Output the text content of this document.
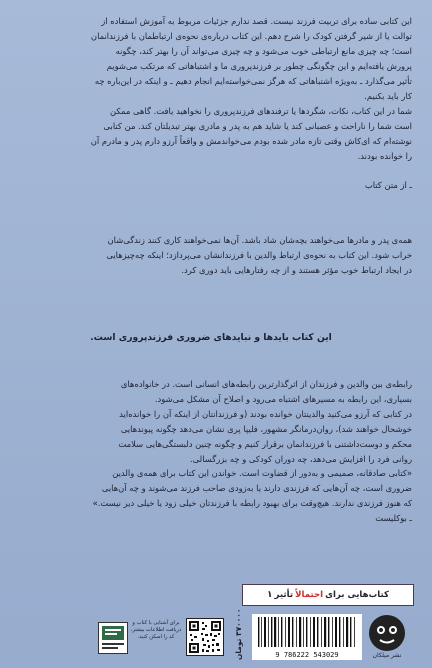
این کتابی ساده برای تربیت فرزند نیست. قصد ندارم جزئیات مربوط به آموزش استفاده از

توالت یا از شیر گرفتن کودک را شرح دهم. این کتاب درباره‌ی نحوه‌ی ارتباطمان با فرزندانمان

است؛ چه چیزی مانع ارتباطی خوب می‌شود و چه چیزی می‌تواند آن را بهتر کند، چگونه

پرورش یافته‌ایم و این چگونگی چطور بر فرزندپروری ما و اشتباهاتی که مرتکب می‌شویم

تأثیر می‌گذارد ـ به‌ویژه اشتباهاتی که هرگز نمی‌خواسته‌ایم انجام دهیم ـ و اینکه در این‌باره چه

کار باید بکنیم.

شما در این کتاب، نکات، شگردها یا ترفندهای فرزندپروری را نخواهید یافت. گاهی ممکن

است شما را ناراحت و عصبانی کند یا شاید هم به پدر و مادری بهتر تبدیلتان کند. من کتابی

نوشته‌ام که ای‌کاش وقتی تازه مادر شده بودم می‌خواندمش و واقعاً آرزو دارم پدر و مادرم آن

را خوانده بودند.

ـ از متن کتاب

همه‌ی پدر و مادرها می‌خواهند بچه‌شان شاد باشد. آن‌ها نمی‌خواهند کاری کنند زندگی‌شان

خراب شود. این کتاب به نحوه‌ی ارتباط والدین با فرزندانشان می‌پردازد؛ اینکه چه‌چیزهایی

در ایجاد ارتباط خوب مؤثر هستند و از چه رفتارهایی باید دوری کرد.

این کتاب بایدها و نبایدهای ضروری فرزندپروری است.

رابطه‌ی بین والدین و فرزندان از اثرگذارترین رابطه‌های انسانی است. در خانواده‌های

بسیاری، این رابطه به مسیرهای اشتباه می‌رود و اصلاح آن مشکل می‌شود.

در کتابی که آرزو می‌کنید والدینتان خوانده بودند (و فرزندانتان از اینکه آن را خوانده‌اید

خوشحال خواهند شد)، روان‌درمانگر مشهور، فلیپا پری نشان می‌دهد چگونه پیوندهایی

محکم و دوست‌داشتنی با فرزندانمان برقرار کنیم و چگونه چنین دلبستگی‌هایی سلامت

روانی فرد را افزایش می‌دهد، چه دوران کودکی و چه بزرگسالی.

«کتابی صادقانه، صمیمی و به‌دور از قضاوت است. خواندن این کتاب برای همه‌ی والدین

ضروری است، چه آن‌هایی که فرزندی دارند یا به‌زودی صاحب فرزند می‌شوند و چه آن‌هایی

که هنوز فرزندی ندارند. هیچ‌وقت برای بهبود رابطه با فرزندتان خیلی زود یا خیلی دیر نیست.»

ـ بوکلیست

کتاب‌هایی برای
احتمالاً
تأثیر
۱
نشر میلکان
9 786222 543029
۳۷۰۰۰۰ تومان
برای آشنایی با کتاب و دریافت اطلاعات بیشتر، کد را اسکن کنید.
